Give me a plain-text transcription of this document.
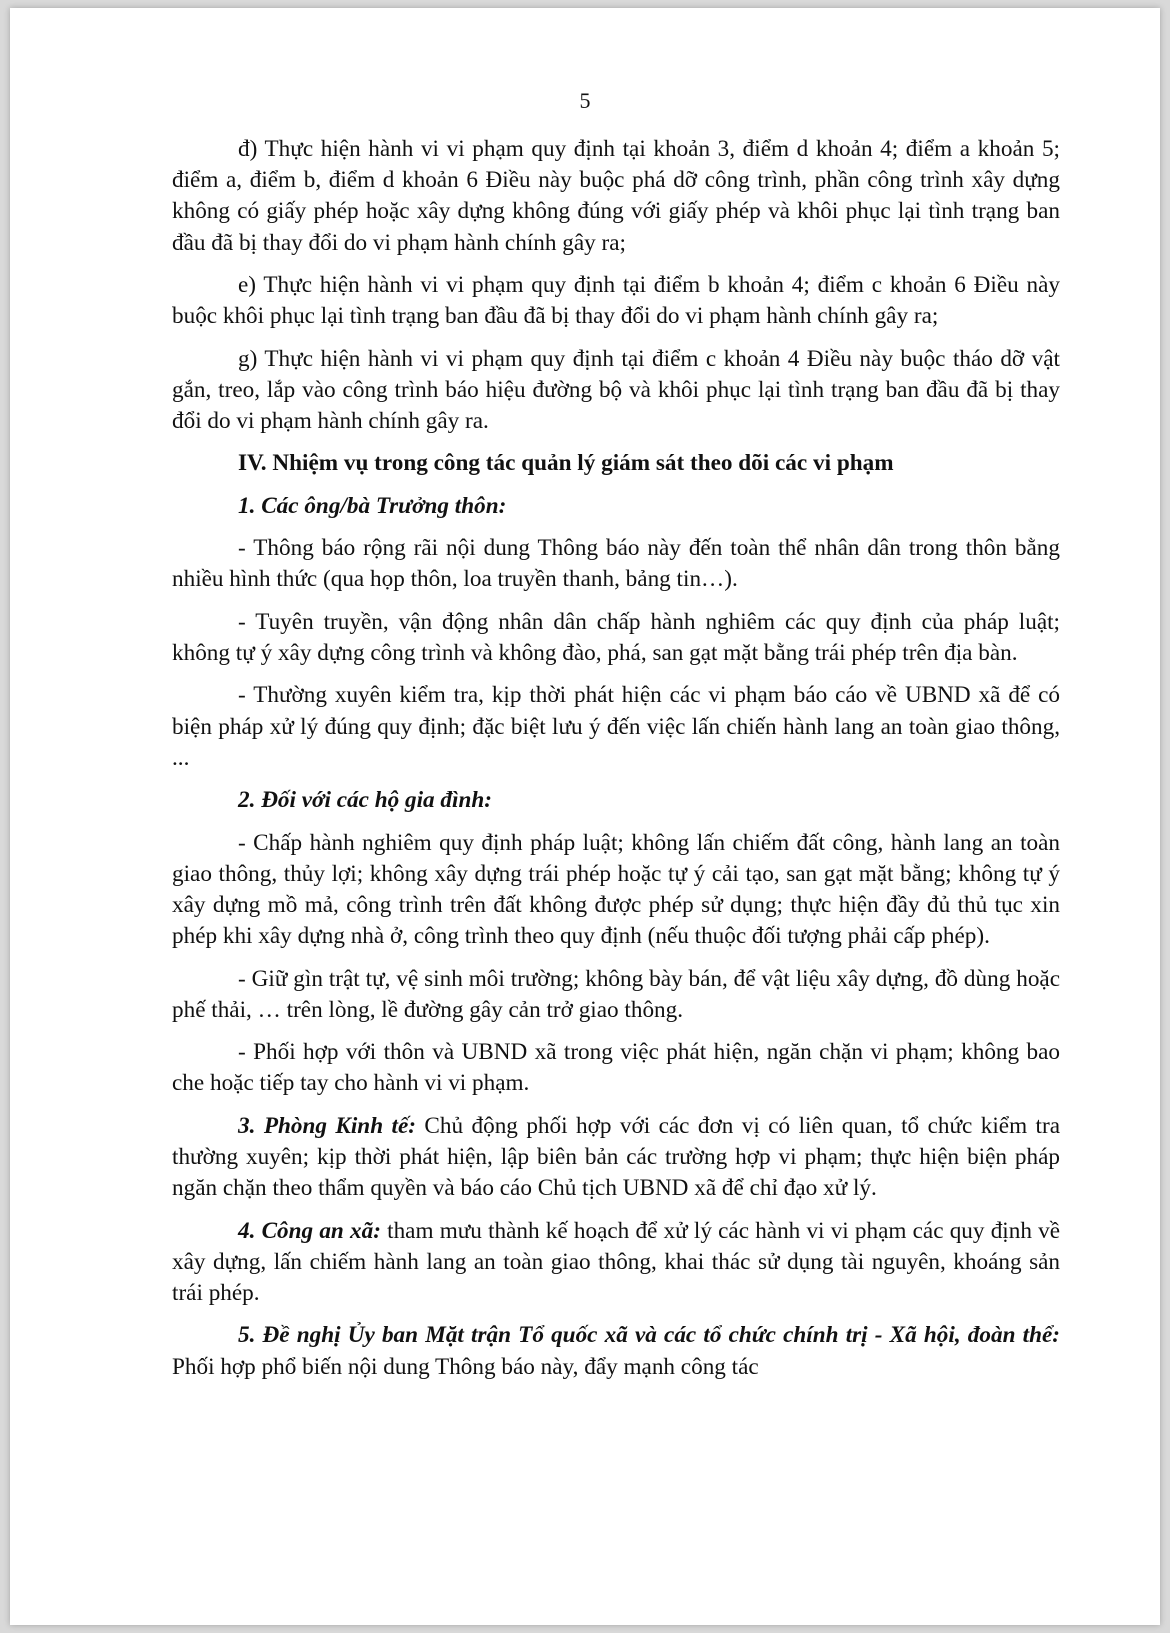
5

đ) Thực hiện hành vi vi phạm quy định tại khoản 3, điểm d khoản 4; điểm a khoản 5; điểm a, điểm b, điểm d khoản 6 Điều này buộc phá dỡ công trình, phần công trình xây dựng không có giấy phép hoặc xây dựng không đúng với giấy phép và khôi phục lại tình trạng ban đầu đã bị thay đổi do vi phạm hành chính gây ra;

e) Thực hiện hành vi vi phạm quy định tại điểm b khoản 4; điểm c khoản 6 Điều này buộc khôi phục lại tình trạng ban đầu đã bị thay đổi do vi phạm hành chính gây ra;

g) Thực hiện hành vi vi phạm quy định tại điểm c khoản 4 Điều này buộc tháo dỡ vật gắn, treo, lắp vào công trình báo hiệu đường bộ và khôi phục lại tình trạng ban đầu đã bị thay đổi do vi phạm hành chính gây ra.

IV. Nhiệm vụ trong công tác quản lý giám sát theo dõi các vi phạm

1. Các ông/bà Trưởng thôn:

- Thông báo rộng rãi nội dung Thông báo này đến toàn thể nhân dân trong thôn bằng nhiều hình thức (qua họp thôn, loa truyền thanh, bảng tin…).

- Tuyên truyền, vận động nhân dân chấp hành nghiêm các quy định của pháp luật; không tự ý xây dựng công trình và không đào, phá, san gạt mặt bằng trái phép trên địa bàn.

- Thường xuyên kiểm tra, kịp thời phát hiện các vi phạm báo cáo về UBND xã để có biện pháp xử lý đúng quy định; đặc biệt lưu ý đến việc lấn chiến hành lang an toàn giao thông, ...

2. Đối với các hộ gia đình:

- Chấp hành nghiêm quy định pháp luật; không lấn chiếm đất công, hành lang an toàn giao thông, thủy lợi; không xây dựng trái phép hoặc tự ý cải tạo, san gạt mặt bằng; không tự ý xây dựng mồ mả, công trình trên đất không được phép sử dụng; thực hiện đầy đủ thủ tục xin phép khi xây dựng nhà ở, công trình theo quy định (nếu thuộc đối tượng phải cấp phép).

- Giữ gìn trật tự, vệ sinh môi trường; không bày bán, để vật liệu xây dựng, đồ dùng hoặc phế thải, … trên lòng, lề đường gây cản trở giao thông.

- Phối hợp với thôn và UBND xã trong việc phát hiện, ngăn chặn vi phạm; không bao che hoặc tiếp tay cho hành vi vi phạm.

3. Phòng Kinh tế: Chủ động phối hợp với các đơn vị có liên quan, tổ chức kiểm tra thường xuyên; kịp thời phát hiện, lập biên bản các trường hợp vi phạm; thực hiện biện pháp ngăn chặn theo thẩm quyền và báo cáo Chủ tịch UBND xã để chỉ đạo xử lý.

4. Công an xã: tham mưu thành kế hoạch để xử lý các hành vi vi phạm các quy định về xây dựng, lấn chiếm hành lang an toàn giao thông, khai thác sử dụng tài nguyên, khoáng sản trái phép.

5. Đề nghị Ủy ban Mặt trận Tổ quốc xã và các tổ chức chính trị - Xã hội, đoàn thể: Phối hợp phổ biến nội dung Thông báo này, đẩy mạnh công tác
